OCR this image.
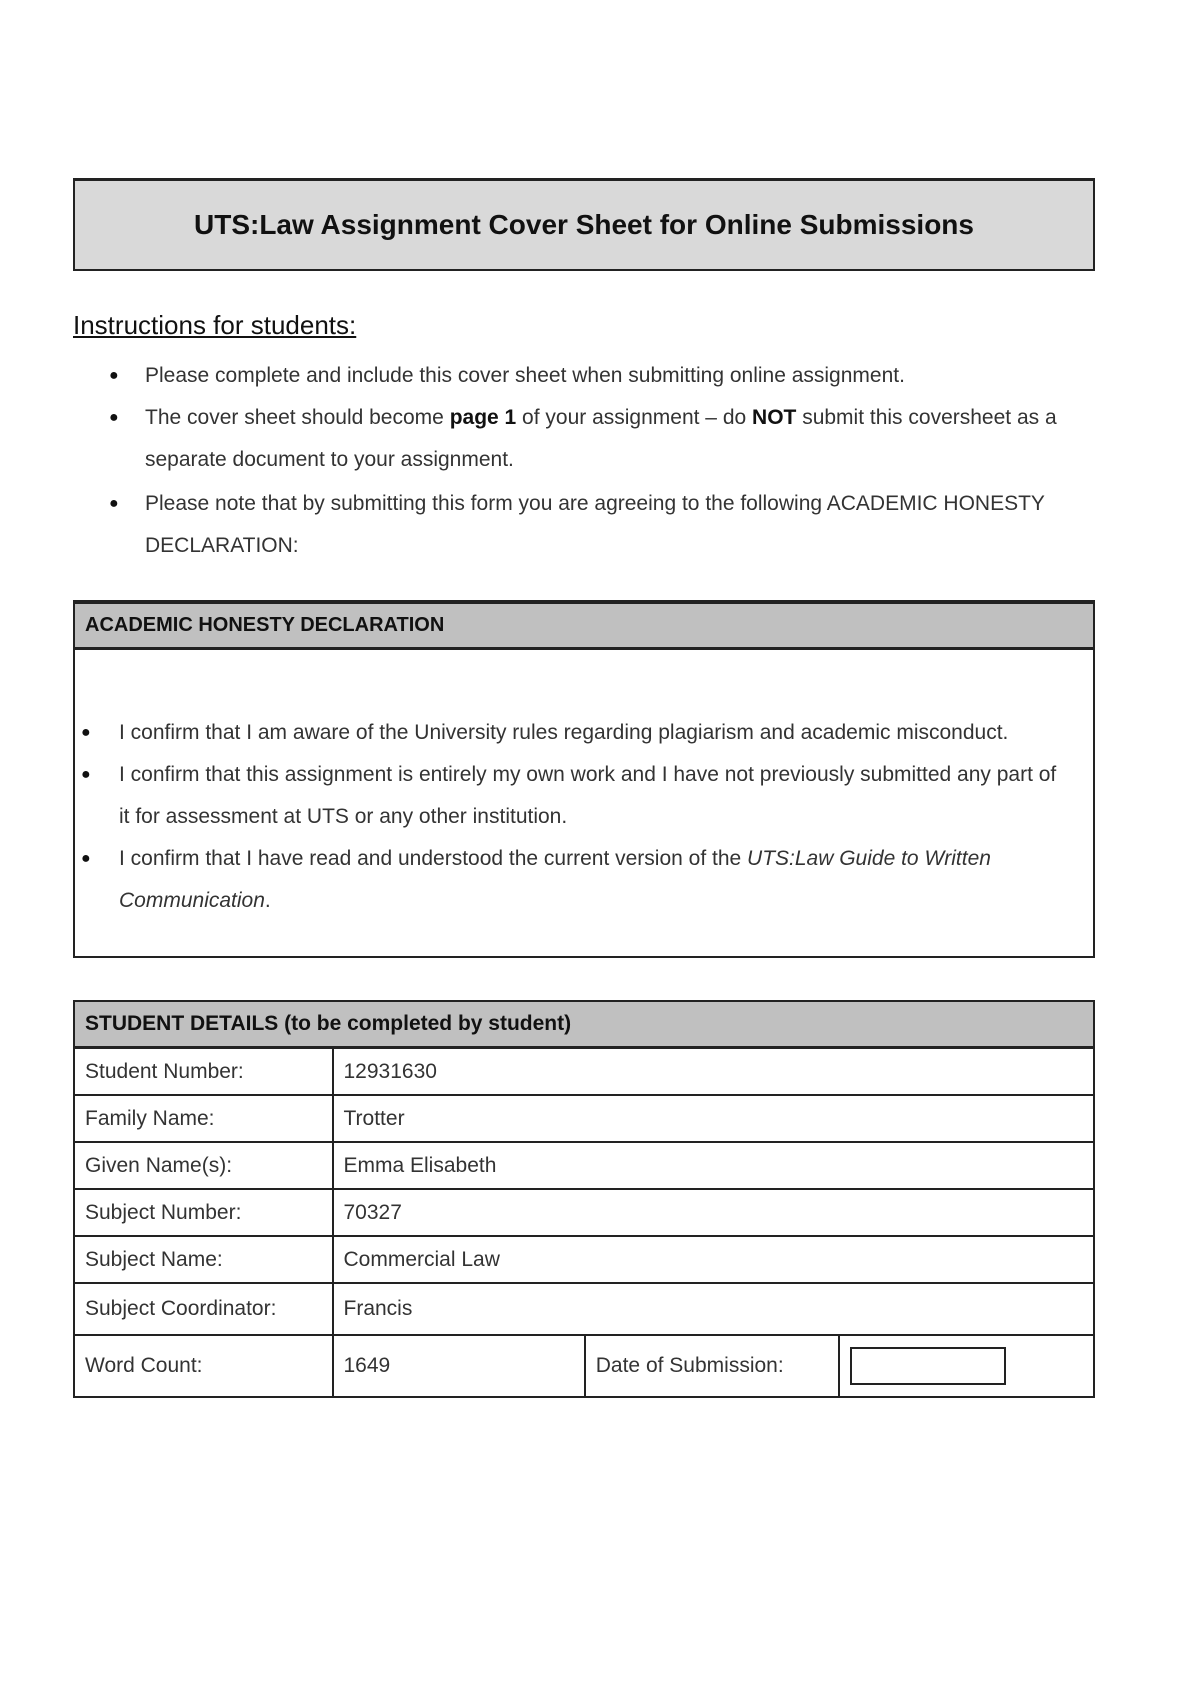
UTS:Law Assignment Cover Sheet for Online Submissions
Instructions for students:
● Please complete and include this cover sheet when submitting online assignment.
● The cover sheet should become page 1 of your assignment – do NOT submit this coversheet as a separate document to your assignment.
● Please note that by submitting this form you are agreeing to the following ACADEMIC HONESTY DECLARATION:
ACADEMIC HONESTY DECLARATION
● I confirm that I am aware of the University rules regarding plagiarism and academic misconduct.
● I confirm that this assignment is entirely my own work and I have not previously submitted any part of it for assessment at UTS or any other institution.
● I confirm that I have read and understood the current version of the UTS:Law Guide to Written Communication.
STUDENT DETAILS (to be completed by student)			
Student Number:	12931630		
Family Name:	Trotter		
Given Name(s):	Emma Elisabeth		
Subject Number:	70327		
Subject Name:	Commercial Law		
Subject Coordinator:	Francis		
Word Count:	1649	Date of Submission:	
